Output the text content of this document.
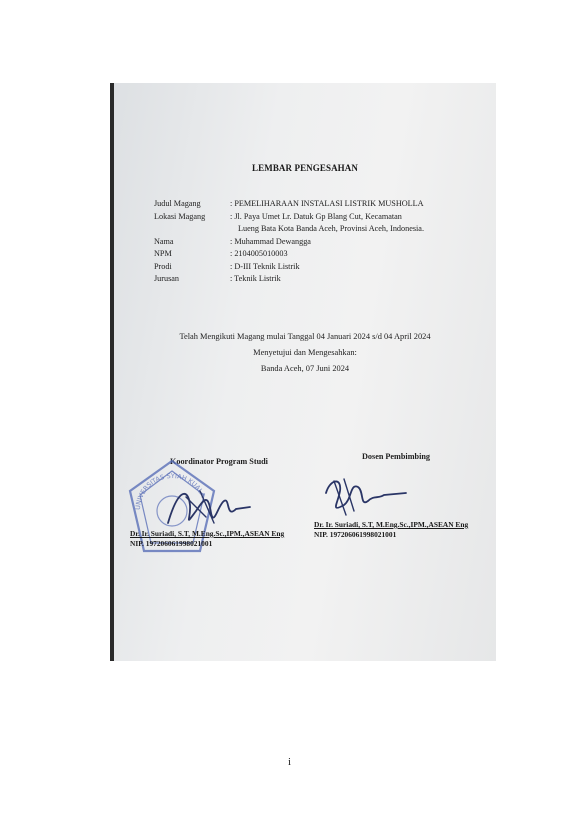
LEMBAR PENGESAHAN
Judul Magang	: PEMELIHARAAN INSTALASI LISTRIK MUSHOLLA
Lokasi Magang	: Jl. Paya Umet Lr. Datuk Gp Blang Cut, Kecamatan
Lueng Bata Kota Banda Aceh, Provinsi Aceh, Indonesia.
Nama	: Muhammad Dewangga
NPM	: 2104005010003
Prodi	: D-III Teknik Listrik
Jurusan	: Teknik Listrik
Telah Mengikuti Magang mulai Tanggal 04 Januari 2024 s/d 04 April 2024
Menyetujui dan Mengesahkan:
Banda Aceh, 07 Juni 2024
Koordinator Program Studi
Dosen Pembimbing
UNIVERSITAS SYIAH KUALA
Dr. Ir. Suriadi, S.T, M.Eng.Sc.,IPM.,ASEAN Eng
NIP. 197206061998021001
Dr. Ir. Suriadi, S.T, M.Eng.Sc.,IPM.,ASEAN Eng
NIP. 197206061998021001
i
